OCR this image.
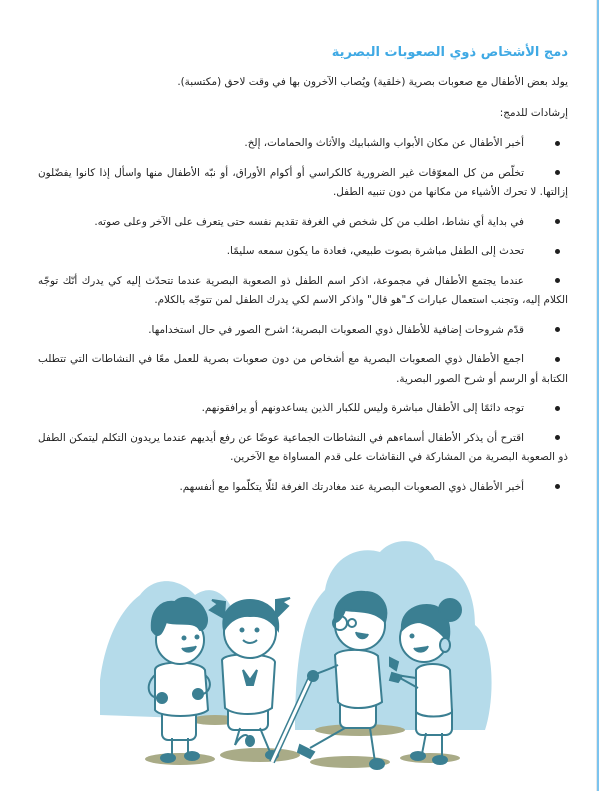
دمج الأشخاص ذوي الصعوبات البصرية

يولد بعض الأطفال مع صعوبات بصرية (خلقية) ويُصاب الآخرون بها في وقت لاحق (مكتسبة).

إرشادات للدمج:

أخبر الأطفال عن مكان الأبواب والشبابيك والأثاث والحمامات، إلخ.
تخلّص من كل المعوّقات غير الضرورية كالكراسي أو أكوام الأوراق، أو نبّه الأطفال منها واسأل إذا كانوا يفضّلون إزالتها. لا تحرك الأشياء من مكانها من دون تنبيه الطفل.
في بداية أي نشاط، اطلب من كل شخص في الغرفة تقديم نفسه حتى يتعرف على الآخر وعلى صوته.
تحدث إلى الطفل مباشرة بصوت طبيعي، فعادة ما يكون سمعه سليمًا.
عندما يجتمع الأطفال في مجموعة، اذكر اسم الطفل ذو الصعوبة البصرية عندما تتحدّث إليه كي يدرك أنّك توجّه الكلام إليه، وتجنب استعمال عبارات كـ"هو قال" واذكر الاسم لكي يدرك الطفل لمن تتوجّه بالكلام.
قدّم شروحات إضافية للأطفال ذوي الصعوبات البصرية؛ اشرح الصور في حال استخدامها.
اجمع الأطفال ذوي الصعوبات البصرية مع أشخاص من دون صعوبات بصرية للعمل معًا في النشاطات التي تتطلب الكتابة أو الرسم أو شرح الصور البصرية.
توجه دائمًا إلى الأطفال مباشرة وليس للكبار الذين يساعدونهم أو يرافقونهم.
اقترح أن يذكر الأطفال أسماءهم في النشاطات الجماعية عوضًا عن رفع أيديهم عندما يريدون التكلم ليتمكن الطفل ذو الصعوبة البصرية من المشاركة في النقاشات على قدم المساواة مع الآخرين.
أخبر الأطفال ذوي الصعوبات البصرية عند مغادرتك الغرفة لئلّا يتكلّموا مع أنفسهم.
